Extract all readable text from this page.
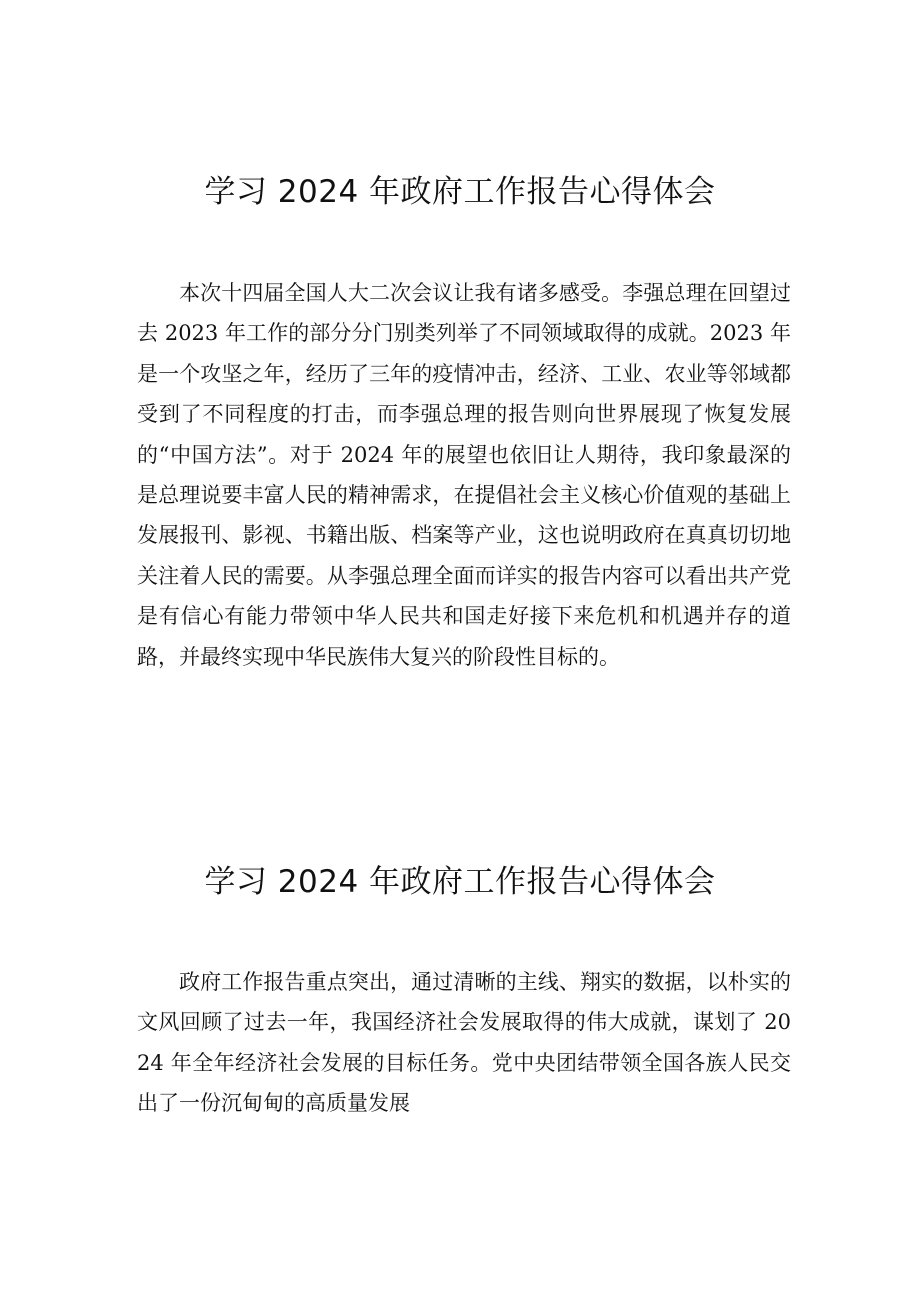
学习 2024 年政府工作报告心得体会

本次十四届全国人大二次会议让我有诸多感受。李强总理在回望过去 2023 年工作的部分分门别类列举了不同领域取得的成就。2023 年是一个攻坚之年，经历了三年的疫情冲击，经济、工业、农业等邻域都受到了不同程度的打击，而李强总理的报告则向世界展现了恢复发展的“中国方法”。对于 2024 年的展望也依旧让人期待，我印象最深的是总理说要丰富人民的精神需求，在提倡社会主义核心价值观的基础上发展报刊、影视、书籍出版、档案等产业，这也说明政府在真真切切地关注着人民的需要。从李强总理全面而详实的报告内容可以看出共产党是有信心有能力带领中华人民共和国走好接下来危机和机遇并存的道路，并最终实现中华民族伟大复兴的阶段性目标的。

学习 2024 年政府工作报告心得体会

政府工作报告重点突出，通过清晰的主线、翔实的数据，以朴实的文风回顾了过去一年，我国经济社会发展取得的伟大成就，谋划了 2024 年全年经济社会发展的目标任务。党中央团结带领全国各族人民交出了一份沉甸甸的高质量发展
